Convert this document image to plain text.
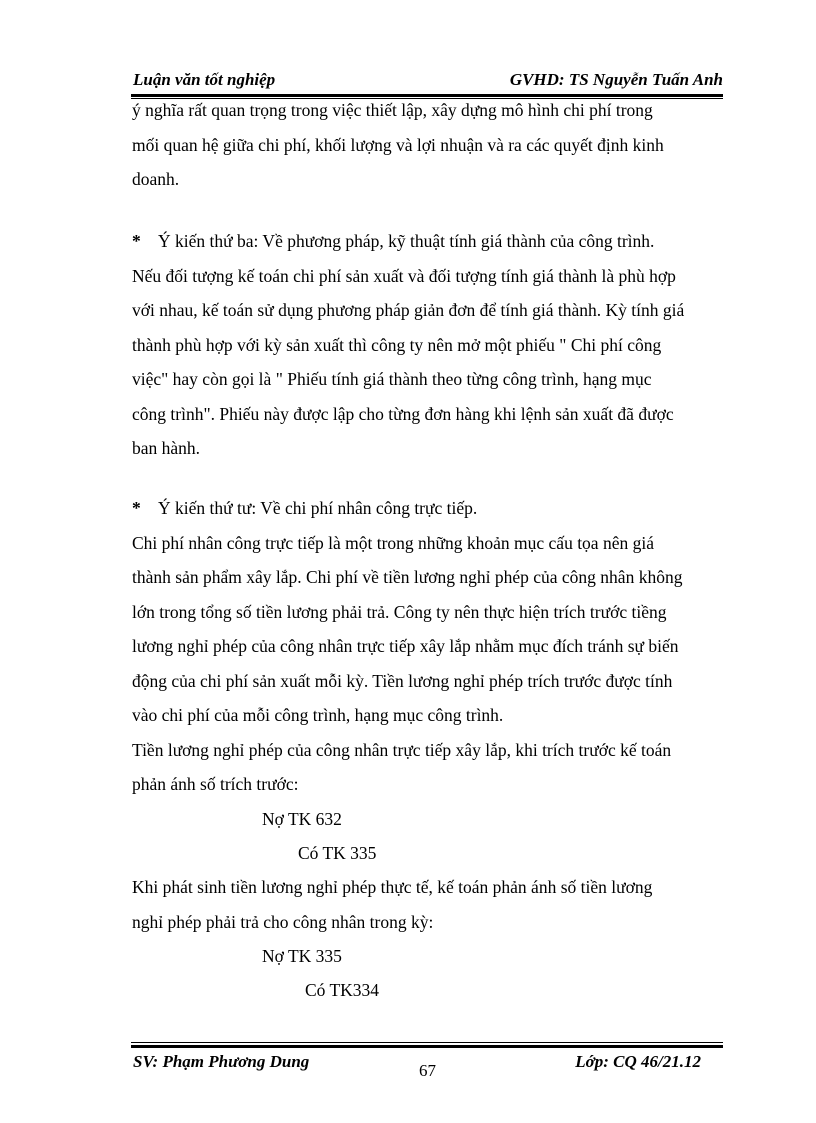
Luận văn tốt nghiệp	GVHD: TS Nguyễn Tuấn Anh
ý nghĩa rất quan trọng trong việc thiết lập, xây dựng mô hình chi phí trong
mối quan hệ giữa chi phí, khối lượng và lợi nhuận và ra các quyết định kinh
doanh.
* Ý kiến thứ ba: Về phương pháp, kỹ thuật tính giá thành của công trình.
Nếu đối tượng kế toán chi phí sản xuất và đối tượng tính giá thành là phù hợp
với nhau, kế toán sử dụng phương pháp giản đơn để tính giá thành. Kỳ tính giá
thành phù hợp với kỳ sản xuất thì công ty nên mở một phiếu " Chi phí công
việc" hay còn gọi là " Phiếu tính giá thành theo từng công trình, hạng mục
công trình". Phiếu này được lập cho từng đơn hàng khi lệnh sản xuất đã được
ban hành.
* Ý kiến thứ tư: Về chi phí nhân công trực tiếp.
Chi phí nhân công trực tiếp là một trong những khoản mục cấu tọa nên giá
thành sản phẩm xây lắp. Chi phí về tiền lương nghỉ phép của công nhân không
lớn trong tổng số tiền lương phải trả. Công ty nên thực hiện trích trước tiềng
lương nghỉ phép của công nhân trực tiếp xây lắp nhằm mục đích tránh sự biến
động của chi phí sản xuất mỗi kỳ. Tiền lương nghỉ phép trích trước được tính
vào chi phí của mỗi công trình, hạng mục công trình.
Tiền lương nghỉ phép của công nhân trực tiếp xây lắp, khi trích trước kế toán
phản ánh số trích trước:
Nợ TK 632
Có TK 335
Khi phát sinh tiền lương nghỉ phép thực tế, kế toán phản ánh số tiền lương
nghỉ phép phải trả cho công nhân trong kỳ:
Nợ TK 335
Có TK334
SV: Phạm Phương Dung	67	Lớp: CQ 46/21.12
